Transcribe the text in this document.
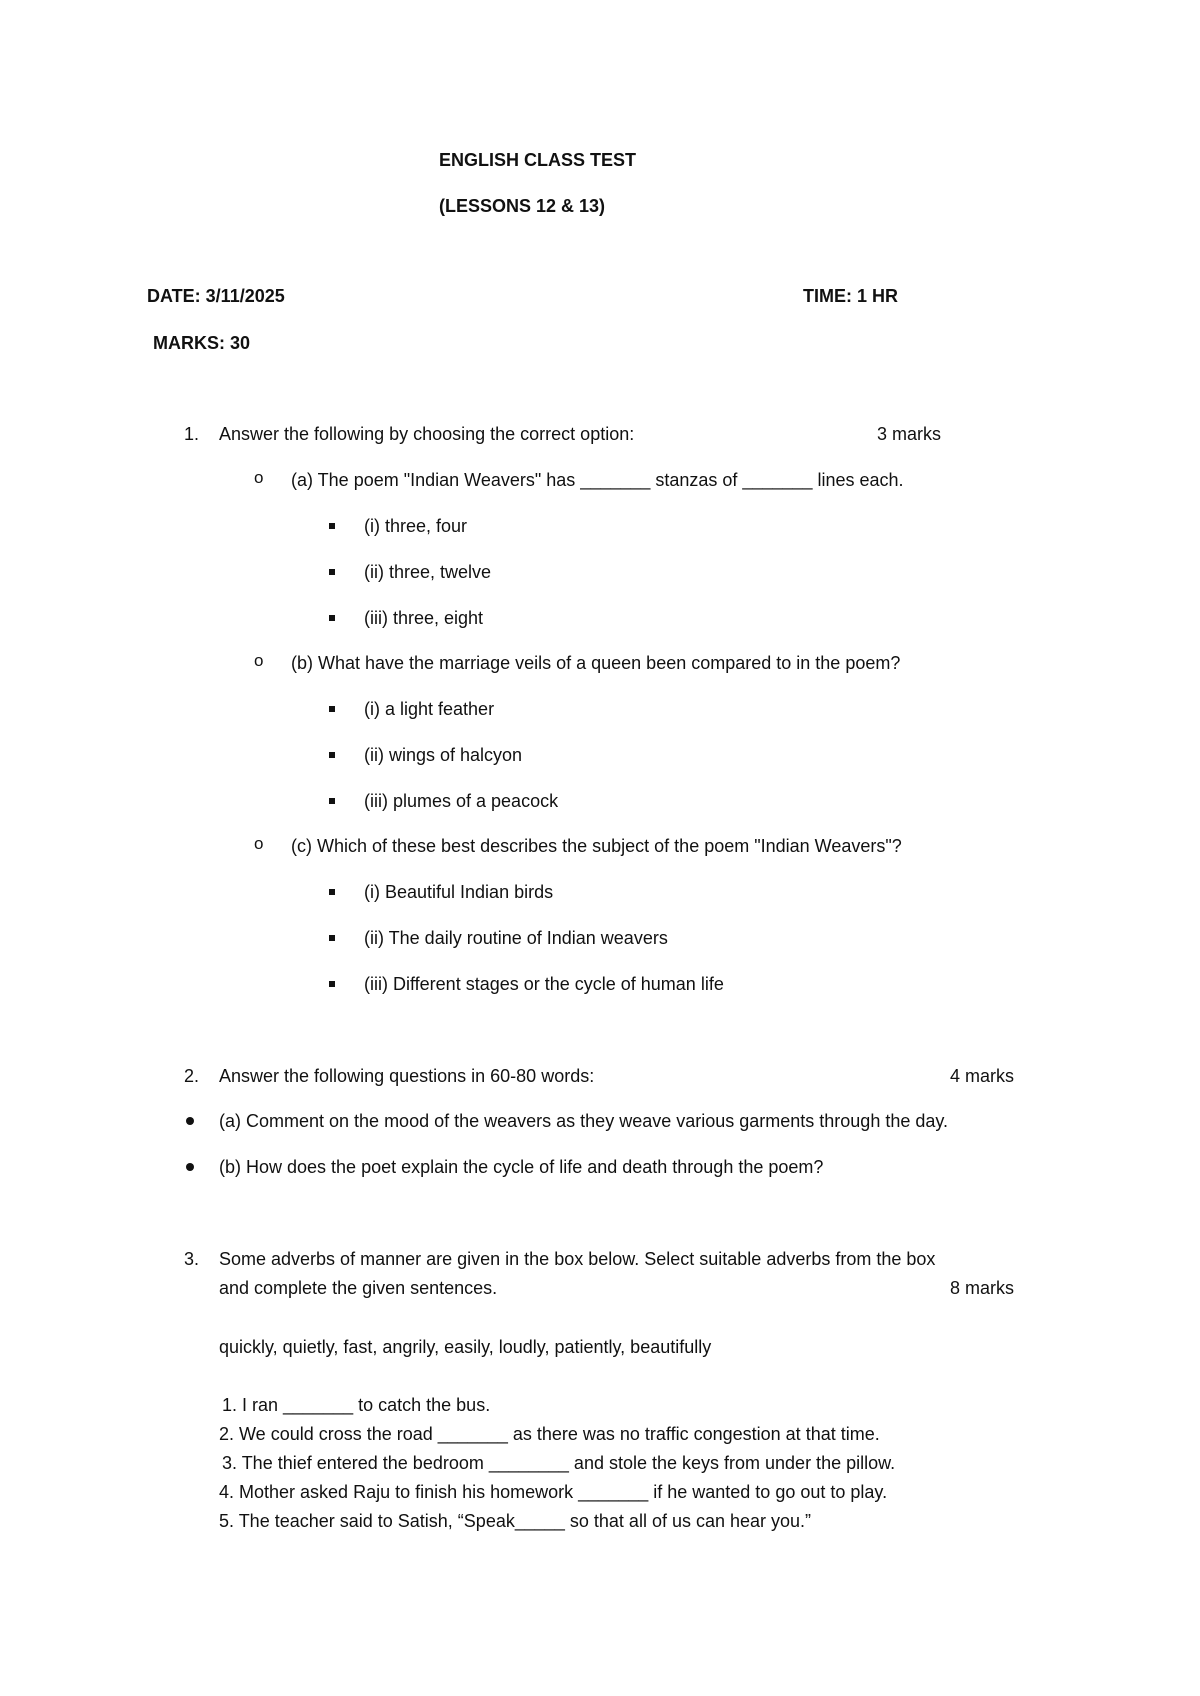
ENGLISH CLASS TEST
(LESSONS 12 & 13)
DATE: 3/11/2025	TIME: 1 HR
MARKS: 30
1. Answer the following by choosing the correct option:	3 marks
o (a) The poem "Indian Weavers" has _______ stanzas of _______ lines each.
(i) three, four
(ii) three, twelve
(iii) three, eight
o (b) What have the marriage veils of a queen been compared to in the poem?
(i) a light feather
(ii) wings of halcyon
(iii) plumes of a peacock
o (c) Which of these best describes the subject of the poem "Indian Weavers"?
(i) Beautiful Indian birds
(ii) The daily routine of Indian weavers
(iii) Different stages or the cycle of human life
2. Answer the following questions in 60-80 words:	4 marks
(a) Comment on the mood of the weavers as they weave various garments through the day.
(b) How does the poet explain the cycle of life and death through the poem?
3. Some adverbs of manner are given in the box below. Select suitable adverbs from the box
and complete the given sentences.	8 marks
quickly, quietly, fast, angrily, easily, loudly, patiently, beautifully
1. I ran _______ to catch the bus.
2. We could cross the road _______ as there was no traffic congestion at that time.
3. The thief entered the bedroom ________ and stole the keys from under the pillow.
4. Mother asked Raju to finish his homework _______ if he wanted to go out to play.
5. The teacher said to Satish, “Speak_____ so that all of us can hear you.”
